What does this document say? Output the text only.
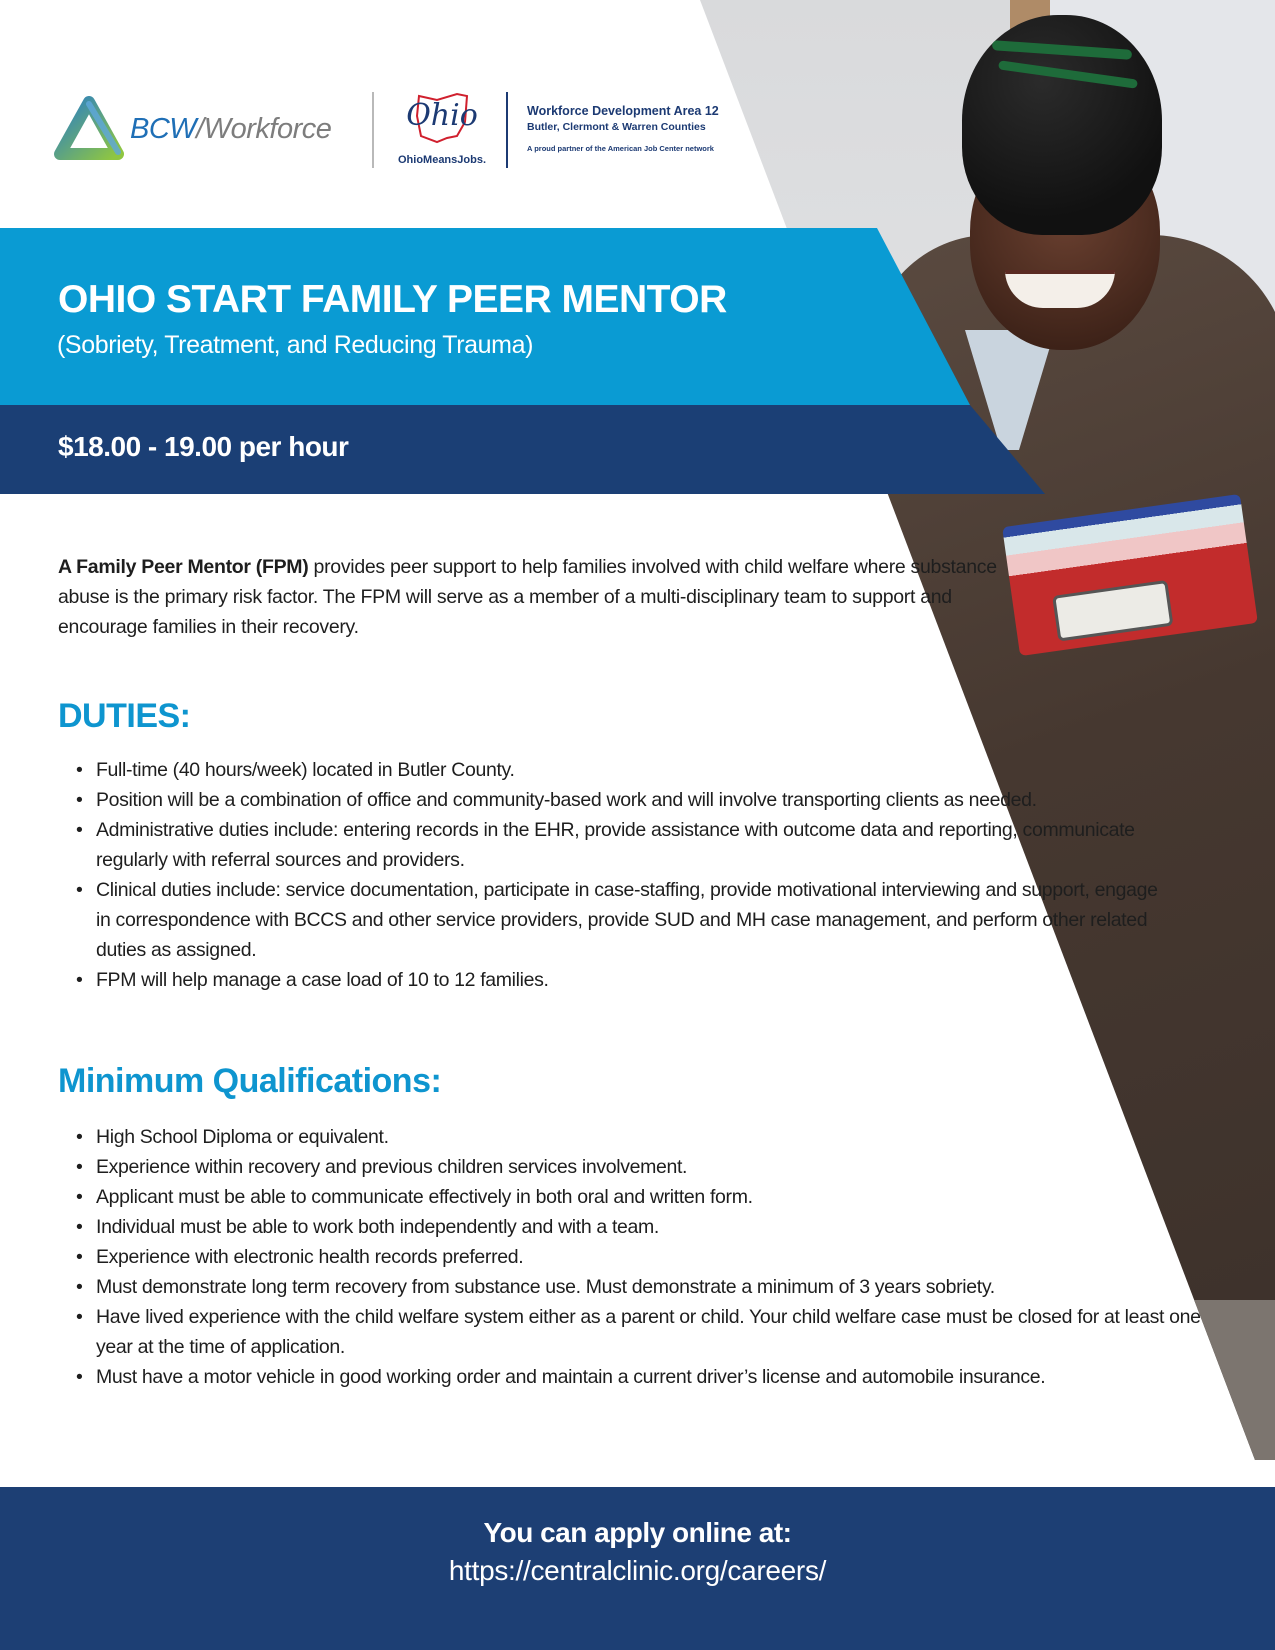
BCW/Workforce	Ohio
OhioMeansJobs.
Workforce Development Area 12
Butler, Clermont & Warren Counties
A proud partner of the American Job Center network
OHIO START FAMILY PEER MENTOR
(Sobriety, Treatment, and Reducing Trauma)
$18.00 - 19.00 per hour

A Family Peer Mentor (FPM) provides peer support to help families involved with child welfare where substance abuse is the primary risk factor. The FPM will serve as a member of a multi-disciplinary team to support and encourage families in their recovery.

DUTIES:
• Full-time (40 hours/week) located in Butler County.
• Position will be a combination of office and community-based work and will involve transporting clients as needed.
• Administrative duties include: entering records in the EHR, provide assistance with outcome data and reporting, communicate regularly with referral sources and providers.
• Clinical duties include: service documentation, participate in case-staffing, provide motivational interviewing and support, engage in correspondence with BCCS and other service providers, provide SUD and MH case management, and perform other related duties as assigned.
• FPM will help manage a case load of 10 to 12 families.
Minimum Qualifications:
• High School Diploma or equivalent.
• Experience within recovery and previous children services involvement.
• Applicant must be able to communicate effectively in both oral and written form.
• Individual must be able to work both independently and with a team.
• Experience with electronic health records preferred.
• Must demonstrate long term recovery from substance use. Must demonstrate a minimum of 3 years sobriety.
• Have lived experience with the child welfare system either as a parent or child. Your child welfare case must be closed for at least one year at the time of application.
• Must have a motor vehicle in good working order and maintain a current driver’s license and automobile insurance.
You can apply online at:
https://centralclinic.org/careers/
